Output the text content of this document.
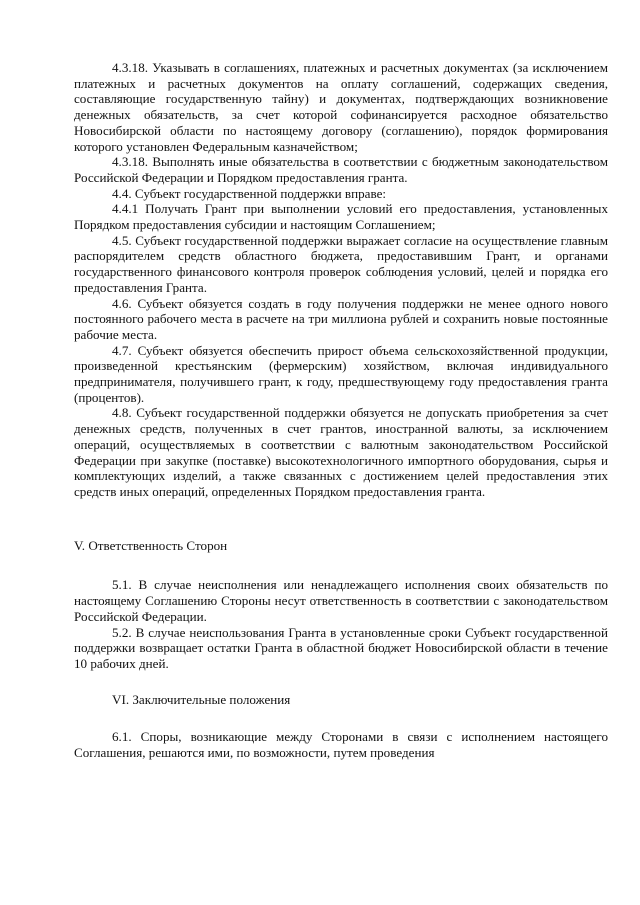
4.3.18. Указывать в соглашениях, платежных и расчетных документах (за исключением платежных и расчетных документов на оплату соглашений, содержащих сведения, составляющие государственную тайну) и документах, подтверждающих возникновение денежных обязательств, за счет которой софинансируется расходное обязательство Новосибирской области по настоящему договору (соглашению), порядок формирования которого установлен Федеральным казначейством;

4.3.18. Выполнять иные обязательства в соответствии с бюджетным законодательством Российской Федерации и Порядком предоставления гранта.

4.4. Субъект государственной поддержки вправе:

4.4.1 Получать Грант при выполнении условий его предоставления, установленных Порядком предоставления субсидии и настоящим Соглашением;

4.5. Субъект государственной поддержки выражает согласие на осуществление главным распорядителем средств областного бюджета, предоставившим Грант, и органами государственного финансового контроля проверок соблюдения условий, целей и порядка его предоставления Гранта.

4.6. Субъект обязуется создать в году получения поддержки не менее одного нового постоянного рабочего места в расчете на три миллиона рублей и сохранить новые постоянные рабочие места.

4.7. Субъект обязуется обеспечить прирост объема сельскохозяйственной продукции, произведенной крестьянским (фермерским) хозяйством, включая индивидуального предпринимателя, получившего грант, к году, предшествующему году предоставления гранта (процентов).

4.8. Субъект государственной поддержки обязуется не допускать приобретения за счет денежных средств, полученных в счет грантов, иностранной валюты, за исключением операций, осуществляемых в соответствии с валютным законодательством Российской Федерации при закупке (поставке) высокотехнологичного импортного оборудования, сырья и комплектующих изделий, а также связанных с достижением целей предоставления этих средств иных операций, определенных Порядком предоставления гранта.

V. Ответственность Сторон

5.1. В случае неисполнения или ненадлежащего исполнения своих обязательств по настоящему Соглашению Стороны несут ответственность в соответствии с законодательством Российской Федерации.

5.2. В случае неиспользования Гранта в установленные сроки Субъект государственной поддержки возвращает остатки Гранта в областной бюджет Новосибирской области в течение 10 рабочих дней.

VI. Заключительные положения

6.1. Споры, возникающие между Сторонами в связи с исполнением настоящего Соглашения, решаются ими, по возможности, путем проведения
